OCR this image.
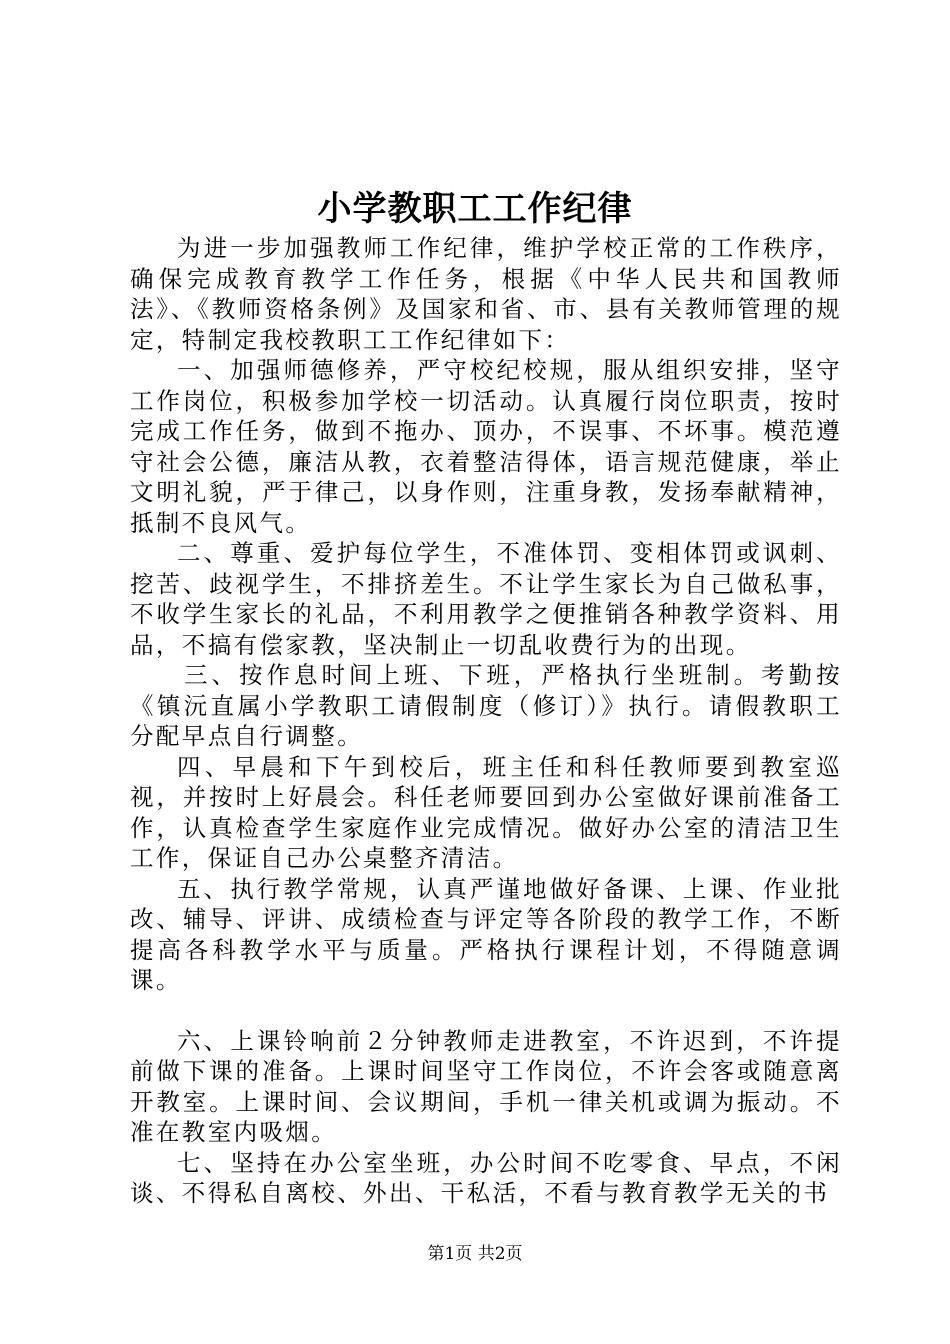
小学教职工工作纪律

为进一步加强教师工作纪律，维护学校正常的工作秩序，确保完成教育教学工作任务，根据《中华人民共和国教师法》、《教师资格条例》及国家和省、市、县有关教师管理的规定，特制定我校教职工工作纪律如下：

一、加强师德修养，严守校纪校规，服从组织安排，坚守工作岗位，积极参加学校一切活动。认真履行岗位职责，按时完成工作任务，做到不拖办、顶办，不误事、不坏事。模范遵守社会公德，廉洁从教，衣着整洁得体，语言规范健康，举止文明礼貌，严于律己，以身作则，注重身教，发扬奉献精神，抵制不良风气。

二、尊重、爱护每位学生，不准体罚、变相体罚或讽刺、挖苦、歧视学生，不排挤差生。不让学生家长为自己做私事，不收学生家长的礼品，不利用教学之便推销各种教学资料、用品，不搞有偿家教，坚决制止一切乱收费行为的出现。

三、按作息时间上班、下班，严格执行坐班制。考勤按《镇沅直属小学教职工请假制度（修订）》执行。请假教职工分配早点自行调整。

四、早晨和下午到校后，班主任和科任教师要到教室巡视，并按时上好晨会。科任老师要回到办公室做好课前准备工作，认真检查学生家庭作业完成情况。做好办公室的清洁卫生工作，保证自己办公桌整齐清洁。

五、执行教学常规，认真严谨地做好备课、上课、作业批改、辅导、评讲、成绩检查与评定等各阶段的教学工作，不断提高各科教学水平与质量。严格执行课程计划，不得随意调课。

六、上课铃响前２分钟教师走进教室，不许迟到，不许提前做下课的准备。上课时间坚守工作岗位，不许会客或随意离开教室。上课时间、会议期间，手机一律关机或调为振动。不准在教室内吸烟。

七、坚持在办公室坐班，办公时间不吃零食、早点，不闲谈、不得私自离校、外出、干私活，不看与教育教学无关的书

第1页 共2页
